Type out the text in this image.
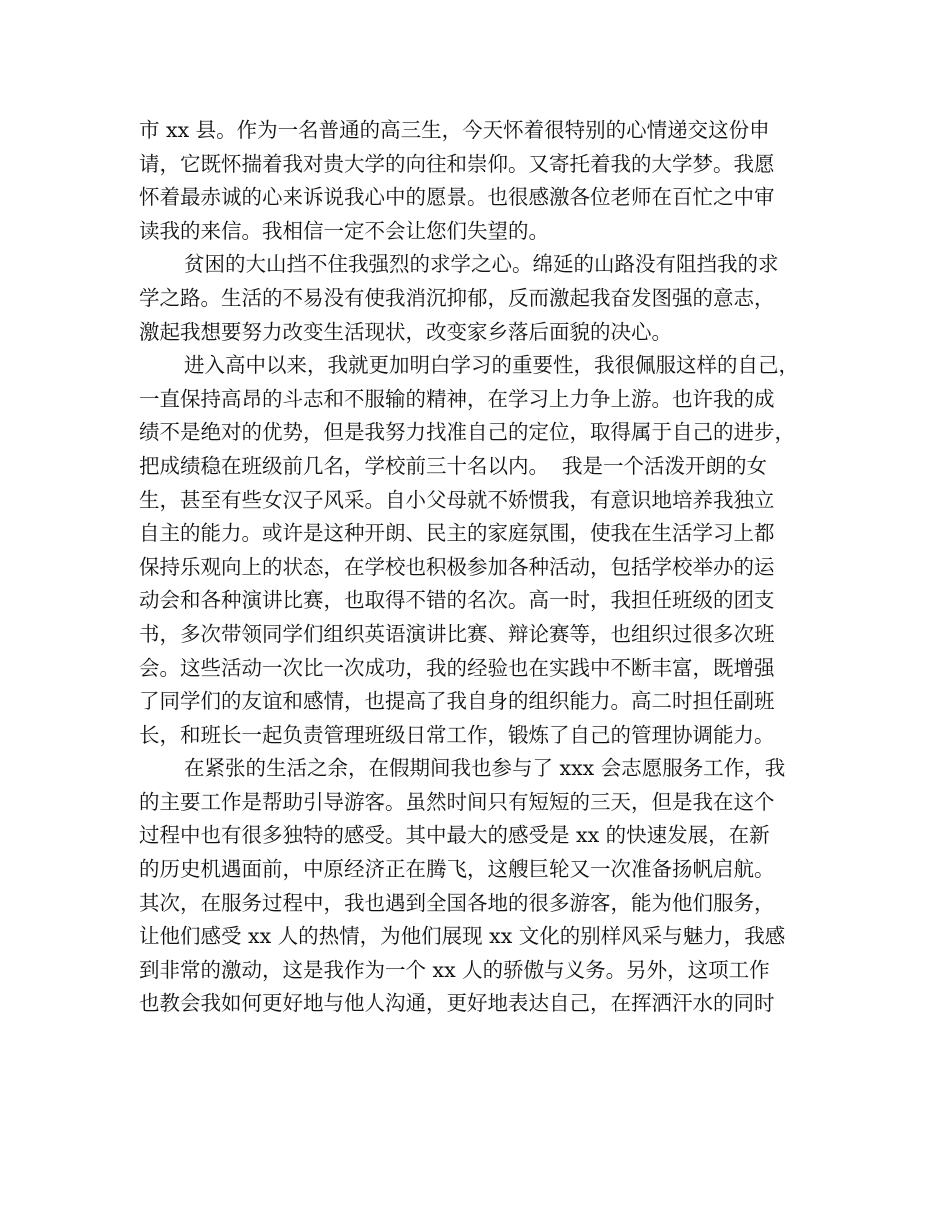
市 xx 县。作为一名普通的高三生，今天怀着很特别的心情递交这份申
请，它既怀揣着我对贵大学的向往和崇仰。又寄托着我的大学梦。我愿
怀着最赤诚的心来诉说我心中的愿景。也很感激各位老师在百忙之中审
读我的来信。我相信一定不会让您们失望的。
贫困的大山挡不住我强烈的求学之心。绵延的山路没有阻挡我的求
学之路。生活的不易没有使我消沉抑郁，反而激起我奋发图强的意志，
激起我想要努力改变生活现状，改变家乡落后面貌的决心。
进入高中以来，我就更加明白学习的重要性，我很佩服这样的自己，
一直保持高昂的斗志和不服输的精神，在学习上力争上游。也许我的成
绩不是绝对的优势，但是我努力找准自己的定位，取得属于自己的进步，
把成绩稳在班级前几名，学校前三十名以内。  我是一个活泼开朗的女
生，甚至有些女汉子风采。自小父母就不娇惯我，有意识地培养我独立
自主的能力。或许是这种开朗、民主的家庭氛围，使我在生活学习上都
保持乐观向上的状态，在学校也积极参加各种活动，包括学校举办的运
动会和各种演讲比赛，也取得不错的名次。高一时，我担任班级的团支
书，多次带领同学们组织英语演讲比赛、辩论赛等，也组织过很多次班
会。这些活动一次比一次成功，我的经验也在实践中不断丰富，既增强
了同学们的友谊和感情，也提高了我自身的组织能力。高二时担任副班
长，和班长一起负责管理班级日常工作，锻炼了自己的管理协调能力。
在紧张的生活之余，在假期间我也参与了 xxx 会志愿服务工作，我
的主要工作是帮助引导游客。虽然时间只有短短的三天，但是我在这个
过程中也有很多独特的感受。其中最大的感受是 xx 的快速发展，在新
的历史机遇面前，中原经济正在腾飞，这艘巨轮又一次准备扬帆启航。
其次，在服务过程中，我也遇到全国各地的很多游客，能为他们服务，
让他们感受 xx 人的热情，为他们展现 xx 文化的别样风采与魅力，我感
到非常的激动，这是我作为一个 xx 人的骄傲与义务。另外，这项工作
也教会我如何更好地与他人沟通，更好地表达自己，在挥洒汗水的同时
